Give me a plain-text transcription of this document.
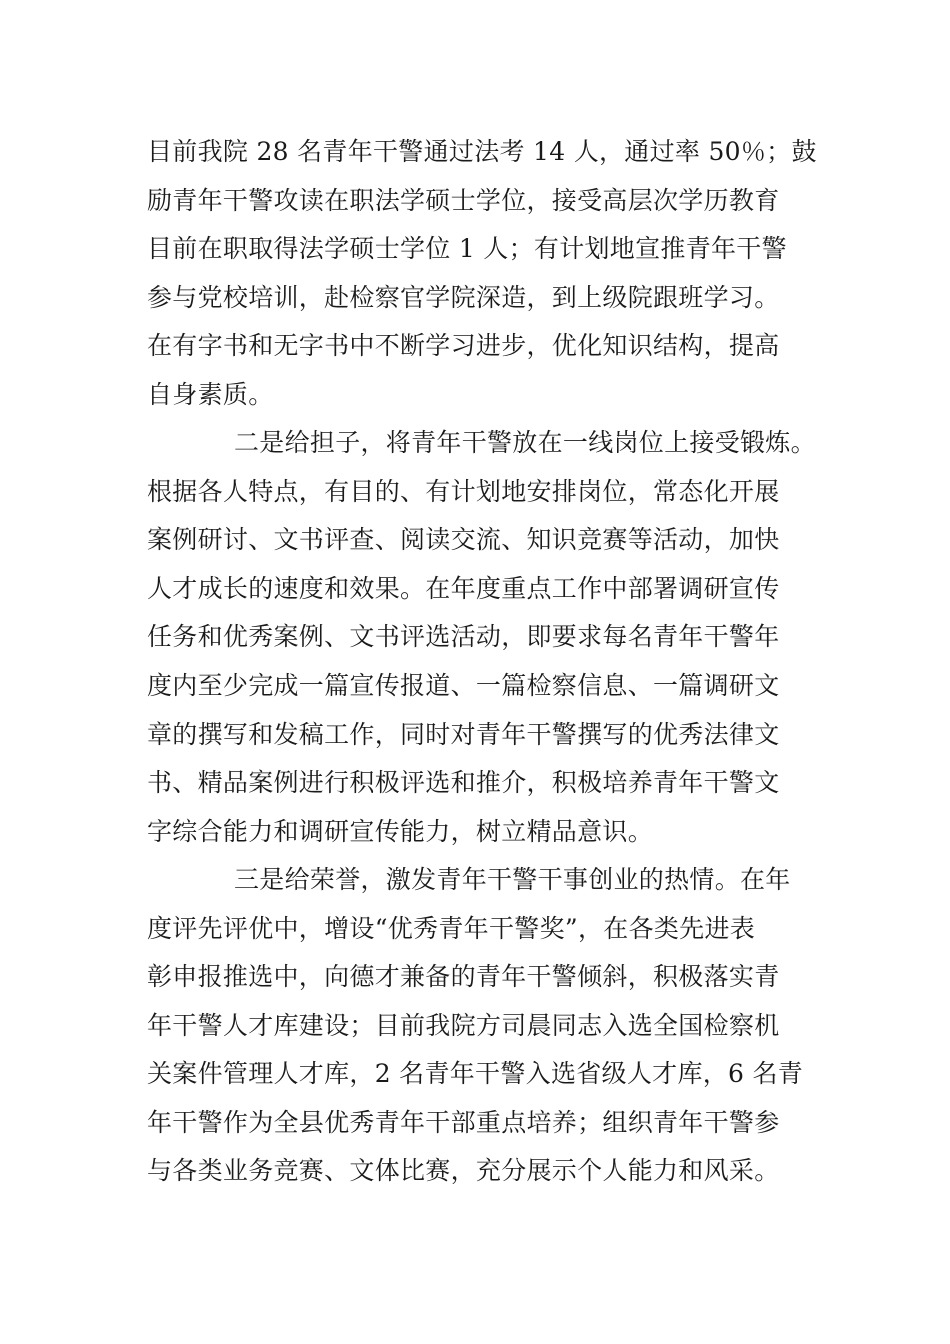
目前我院 28 名青年干警通过法考 14 人，通过率 50％；鼓
励青年干警攻读在职法学硕士学位，接受高层次学历教育
目前在职取得法学硕士学位 1 人；有计划地宣推青年干警
参与党校培训，赴检察官学院深造，到上级院跟班学习。
在有字书和无字书中不断学习进步，优化知识结构，提高
自身素质。
二是给担子，将青年干警放在一线岗位上接受锻炼。
根据各人特点，有目的、有计划地安排岗位，常态化开展
案例研讨、文书评查、阅读交流、知识竞赛等活动，加快
人才成长的速度和效果。在年度重点工作中部署调研宣传
任务和优秀案例、文书评选活动，即要求每名青年干警年
度内至少完成一篇宣传报道、一篇检察信息、一篇调研文
章的撰写和发稿工作，同时对青年干警撰写的优秀法律文
书、精品案例进行积极评选和推介，积极培养青年干警文
字综合能力和调研宣传能力，树立精品意识。
三是给荣誉，激发青年干警干事创业的热情。在年
度评先评优中，增设“优秀青年干警奖”，在各类先进表
彰申报推选中，向德才兼备的青年干警倾斜，积极落实青
年干警人才库建设；目前我院方司晨同志入选全国检察机
关案件管理人才库，2 名青年干警入选省级人才库，6 名青
年干警作为全县优秀青年干部重点培养；组织青年干警参
与各类业务竞赛、文体比赛，充分展示个人能力和风采。
